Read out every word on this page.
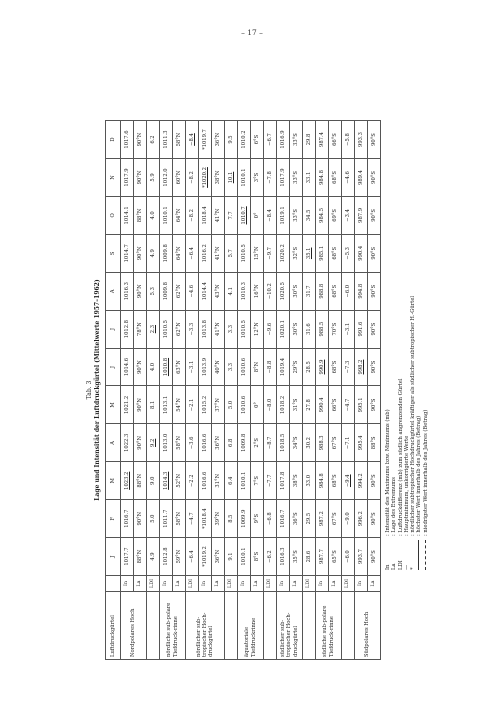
– 17 –
Tab. 3 Lage und Intensität der Luftdruckgürtel (Mittelwerte 1957–1962)
Luftdruckgürtel		J	F	M	A	M	J	J	A	S	O	N	D
Nordpolares Hoch	In	1017.7	1016.7	1023.2	1022.3	1021.2	1014.6	1012.8	1016.3	1014.7	1014.1	1017.9	1017.6
	La	88°N	90°N	88°N	90°N	90°N	90°N	78°N	90°N	90°N	88°N	90°N	90°N
	LDI	4.9	5.0	9.0	9.2	8.1	4.0	2.3	5.3	4.9	4.0	5.9	6.2
nördliche sub-polare Tiefdruck-rinne	In	1012.8	1011.7	1014.3	1013.0	1013.1	1010.8	1010.5	1009.8	1009.8	1010.1	1012.0	1011.3
	La	59°N	58°N	52°N	58°N	54°N	63°N	62°N	62°N	64°N	64°N	60°N	58°N
nördlicher sub-tropischer Hoch-druckgürtel	LDI	−6.4	−4.7	−2.2	−3.6	−2.1	−3.1	−3.3	−4.6	−6.4	−8.2	−8.2	−8.4
	In	*1019.2	*1018.4	1016.6	1016.6	1015.2	1013.9	1013.8	1014.4	1016.2	1018.4	*1020.2	*1019.7
	La	36°N	39°N	31°N	36°N	37°N	40°N	41°N	43°N	41°N	41°N	38°N	36°N
	LDI	9.1	8.5	6.4	6.8	5.0	3.3	3.3	4.1	5.7	7.7	10.1	9.5
äquatoriale Tiefdruckrinne	In	1010.1	1009.9	1010.1	1009.8	1010.6	1010.6	1010.5	1010.3	1010.5	1010.7	1010.1	1010.2
	La	8°S	9°S	7°S	2°S	0°	8°N	12°N	16°N	15°N	0°	3°S	6°S
	LDI	−6.2	−6.8	−7.7	−8.7	−8.0	−8.8	−9.6	−10.2	−9.7	−8.4	−7.8	−6.7
südlicher sub-tropischer Hoch-druckgürtel	In	1016.3	1016.7	1017.8	1018.5	1018.2	1019.4	1020.1	1020.5	1020.2	1019.1	1017.9	1016.9
	La	35°S	36°S	38°S	34°S	31°S	29°S	30°S	30°S	32°S	33°S	33°S	33°S
	LDI	28.6	29.5	33.0	30.2	27.8	28.5	31.6	31.7	35.1	34.5	33.1	29.8
südliche sub-polare Tiefdruck-rinne	In	987.7	987.2	984.8	988.3	990.4	990.9	988.5	988.8	985.1	984.5	984.8	987.4
	La	65°S	67°S	68°S	67°S	66°S	68°S	70°S	68°S	68°S	69°S	68°S	66°S
	LDI	−6.0	−9.0	−9.4	−7.1	−4.7	−7.3	−3.1	−6.0	−5.3	−3.4	−4.6	−5.8
Südpolares Hoch	In	993.7	996.2	994.2	995.4	995.1	998.2	991.6	994.8	990.4	987.9	989.4	993.3
	La	90°S	90°S	90°S	88°S	90°S	90°S	90°S	90°S	90°S	90°S	90°S	90°S
In	: Intensität des Maximums bzw. Minimums (mb)
La	: Lage des Extremums
LDI	: Luftdruckdifferenz (mb) zum südlich angrenzenden Gürtel
—	: Hauptminimum, unkorrigierte Werte
*	: nördlicher subtropischer Hochdruckgürtel kräftiger als südlicher subtropischer H.-Gürtel
	: höchster Wert innerhalb des Jahres (Betrag)
	: niedrigster Wert innerhalb des Jahres (Betrag)
